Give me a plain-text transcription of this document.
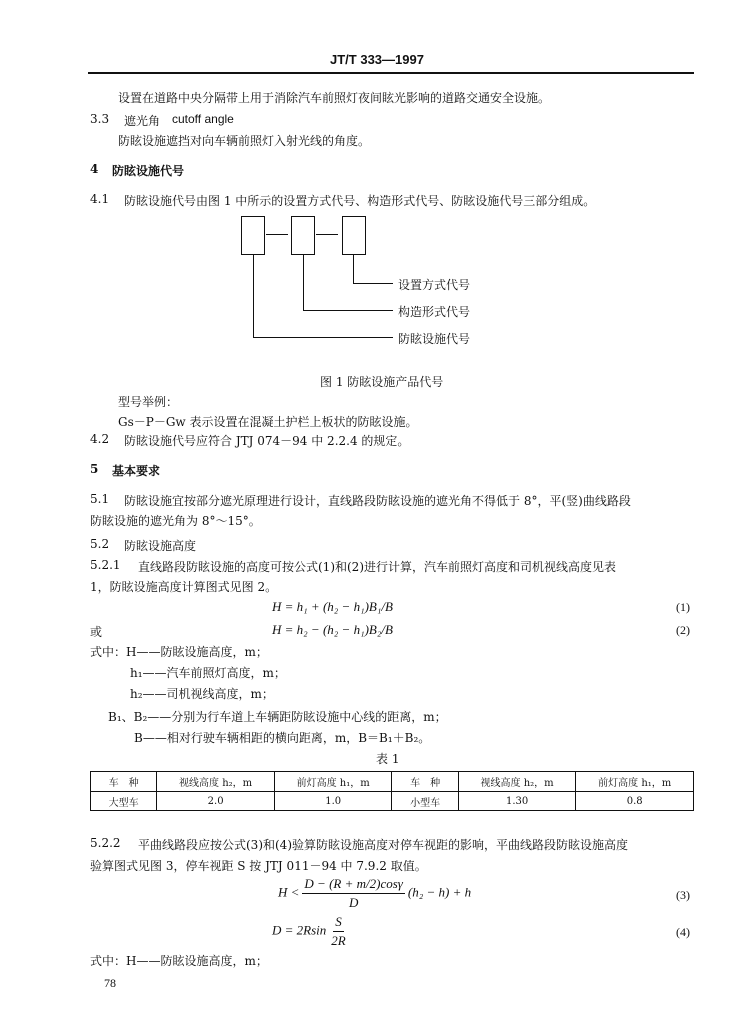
JT/T 333—1997
设置在道路中央分隔带上用于消除汽车前照灯夜间眩光影响的道路交通安全设施。
3.3 遮光角 cutoff angle
防眩设施遮挡对向车辆前照灯入射光线的角度。
4 防眩设施代号
4.1 防眩设施代号由图 1 中所示的设置方式代号、构造形式代号、防眩设施代号三部分组成。
设置方式代号
构造形式代号
防眩设施代号
图 1 防眩设施产品代号
型号举例：
Gs－P－Gw 表示设置在混凝土护栏上板状的防眩设施。
4.2 防眩设施代号应符合 JTJ 074－94 中 2.2.4 的规定。
5 基本要求
5.1 防眩设施宜按部分遮光原理进行设计，直线路段防眩设施的遮光角不得低于 8°，平(竖)曲线路段
防眩设施的遮光角为 8°～15°。
5.2 防眩设施高度
5.2.1 直线路段防眩设施的高度可按公式(1)和(2)进行计算，汽车前照灯高度和司机视线高度见表
1，防眩设施高度计算图式见图 2。
H = h₁ + (h₂ − h₁)B₁/B	(1)
或	H = h₂ − (h₂ − h₁)B₂/B	(2)
式中：H——防眩设施高度，m；
h₁——汽车前照灯高度，m；
h₂——司机视线高度，m；
B₁、B₂——分别为行车道上车辆距防眩设施中心线的距离，m；
B——相对行驶车辆相距的横向距离，m，B＝B₁＋B₂。
表 1
车　种	视线高度 h₂，m	前灯高度 h₁，m	车　种	视线高度 h₂，m	前灯高度 h₁，m
大型车	2.0	1.0	小型车	1.30	0.8
5.2.2 平曲线路段应按公式(3)和(4)验算防眩设施高度对停车视距的影响，平曲线路段防眩设施高度
验算图式见图 3，停车视距 S 按 JTJ 011－94 中 7.9.2 取值。
$H < \frac{D - (R + m/2)\cos\gamma}{D} (h_2 - h) + h$	(3)
$D = 2Rsin \frac{S}{2R}$	(4)
式中：H——防眩设施高度，m；
78
